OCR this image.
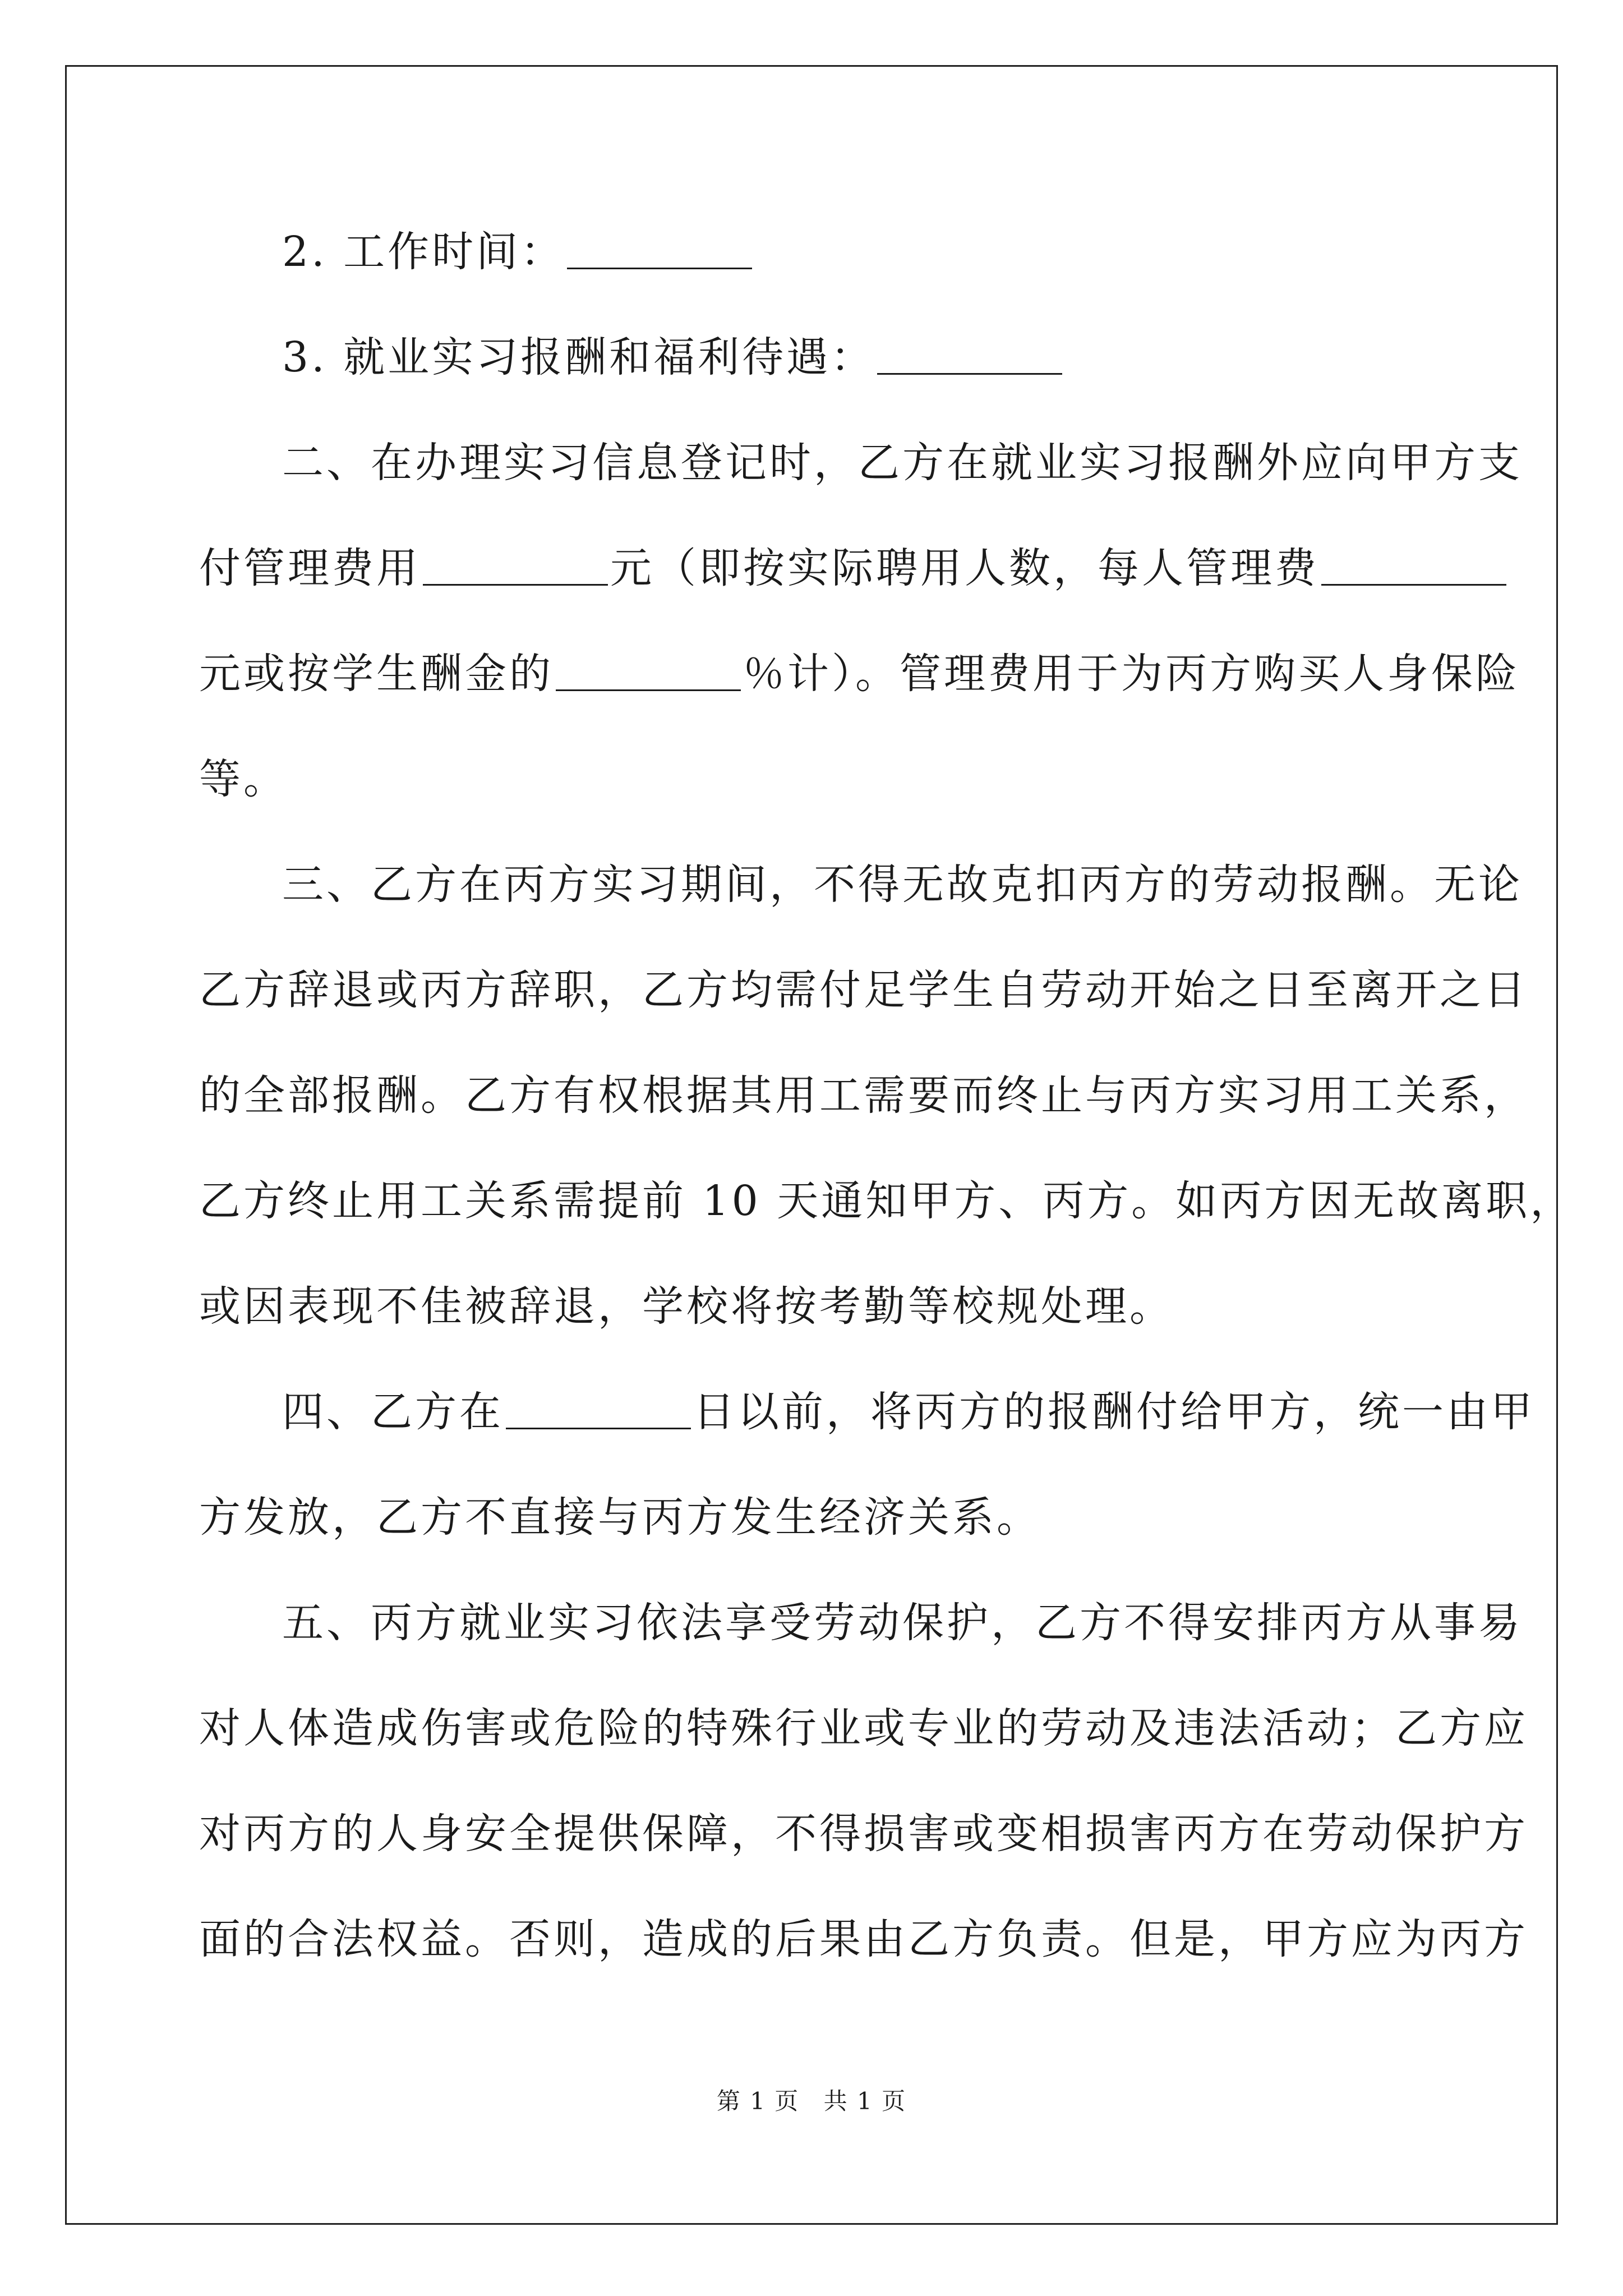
2. 工作时间：
3. 就业实习报酬和福利待遇：
二、在办理实习信息登记时，乙方在就业实习报酬外应向甲方支
付管理费用	元（即按实际聘用人数，每人管理费
元或按学生酬金的	％计）。管理费用于为丙方购买人身保险
等。
三、乙方在丙方实习期间，不得无故克扣丙方的劳动报酬。无论
乙方辞退或丙方辞职，乙方均需付足学生自劳动开始之日至离开之日
的全部报酬。乙方有权根据其用工需要而终止与丙方实习用工关系，
乙方终止用工关系需提前 10 天通知甲方、丙方。如丙方因无故离职，
或因表现不佳被辞退，学校将按考勤等校规处理。
四、乙方在	日以前，将丙方的报酬付给甲方，统一由甲
方发放，乙方不直接与丙方发生经济关系。
五、丙方就业实习依法享受劳动保护，乙方不得安排丙方从事易
对人体造成伤害或危险的特殊行业或专业的劳动及违法活动；乙方应
对丙方的人身安全提供保障，不得损害或变相损害丙方在劳动保护方
面的合法权益。否则，造成的后果由乙方负责。但是，甲方应为丙方
第 1 页 共 1 页
